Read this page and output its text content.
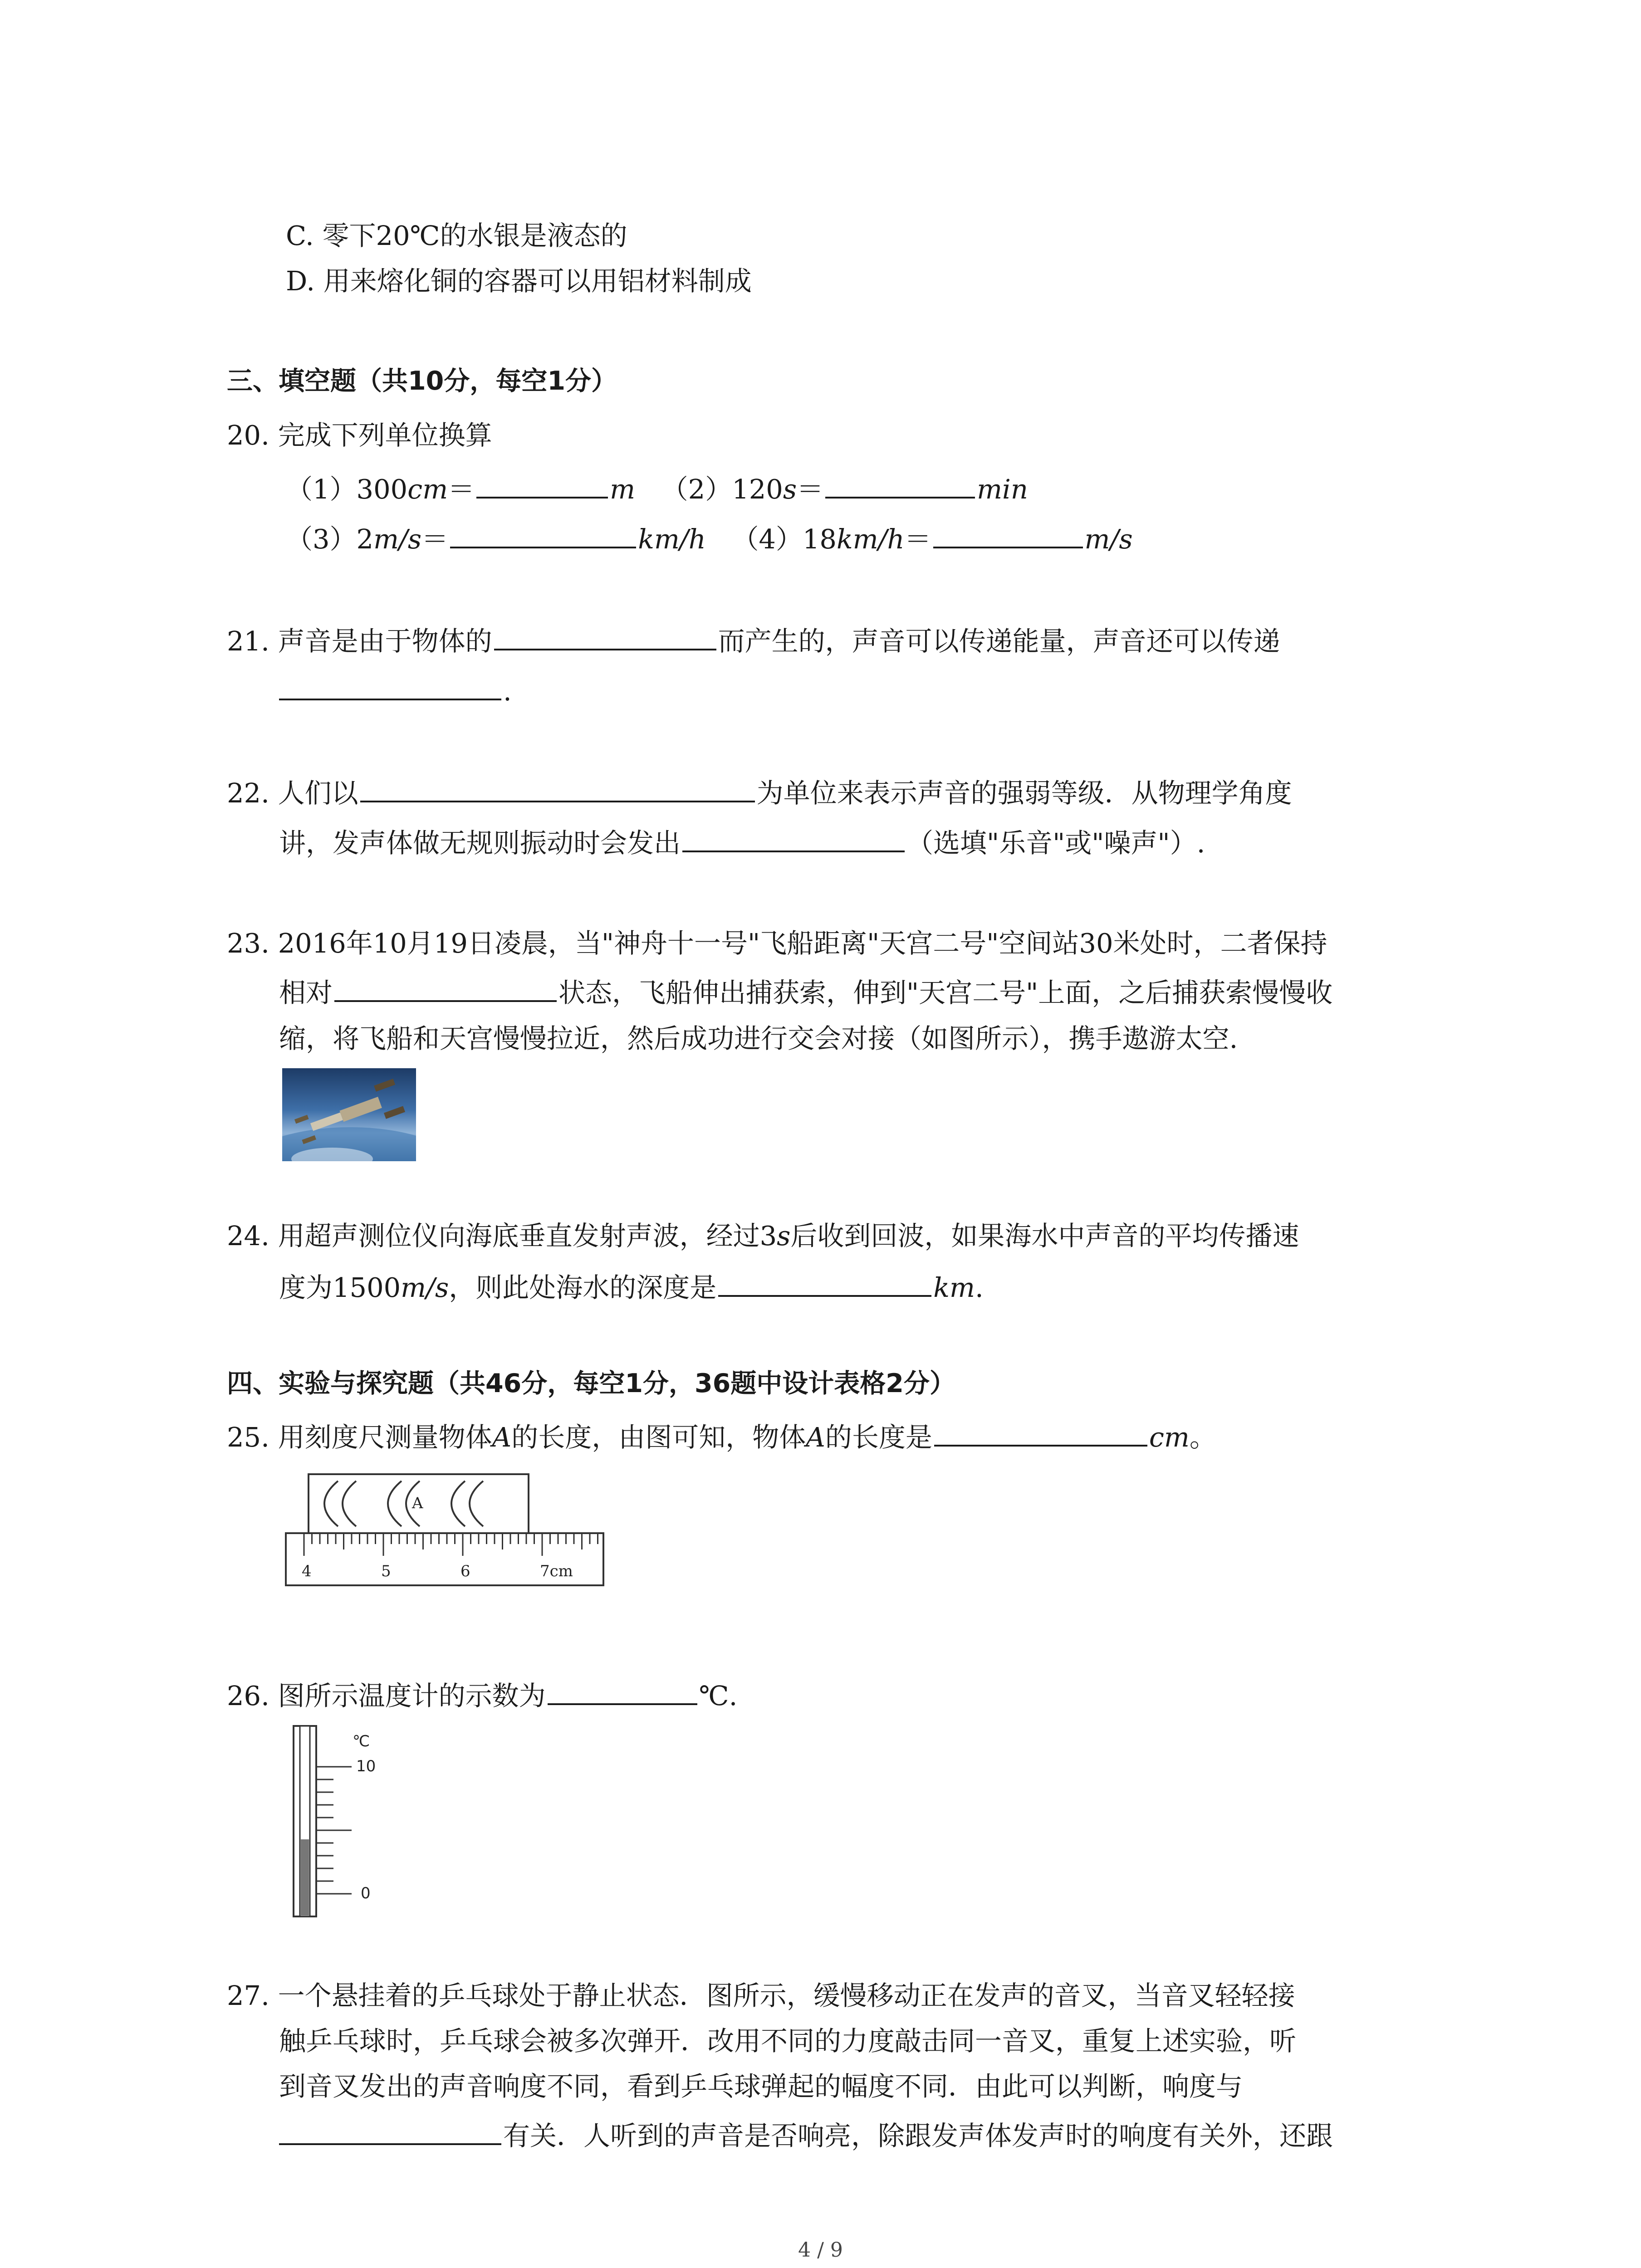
C. 零下20℃的水银是液态的
D. 用来熔化铜的容器可以用铝材料制成
三、填空题（共10分，每空1分）
20. 完成下列单位换算
（1）300cm＝	m （2）120s＝	min
（3）2m/s＝	km/h （4）18km/h＝	m/s
21. 声音是由于物体的	而产生的，声音可以传递能量，声音还可以传递
.
22. 人们以	为单位来表示声音的强弱等级．从物理学角度
讲，发声体做无规则振动时会发出	（选填"乐音"或"噪声"）.
23. 2016年10月19日凌晨，当"神舟十一号"飞船距离"天宫二号"空间站30米处时，二者保持
相对	状态，飞船伸出捕获索，伸到"天宫二号"上面，之后捕获索慢慢收
缩，将飞船和天宫慢慢拉近，然后成功进行交会对接（如图所示），携手遨游太空.
24. 用超声测位仪向海底垂直发射声波，经过3s后收到回波，如果海水中声音的平均传播速
度为1500m/s，则此处海水的深度是	km.
四、实验与探究题（共46分，每空1分，36题中设计表格2分）
25. 用刻度尺测量物体A的长度，由图可知，物体A的长度是	cm。
A
4	5	6	7cm
26. 图所示温度计的示数为	℃.
℃
10
0
27. 一个悬挂着的乒乓球处于静止状态．图所示，缓慢移动正在发声的音叉，当音叉轻轻接
触乒乓球时，乒乓球会被多次弹开．改用不同的力度敲击同一音叉，重复上述实验，听
到音叉发出的声音响度不同，看到乒乓球弹起的幅度不同．由此可以判断，响度与
有关．人听到的声音是否响亮，除跟发声体发声时的响度有关外，还跟
4 / 9
